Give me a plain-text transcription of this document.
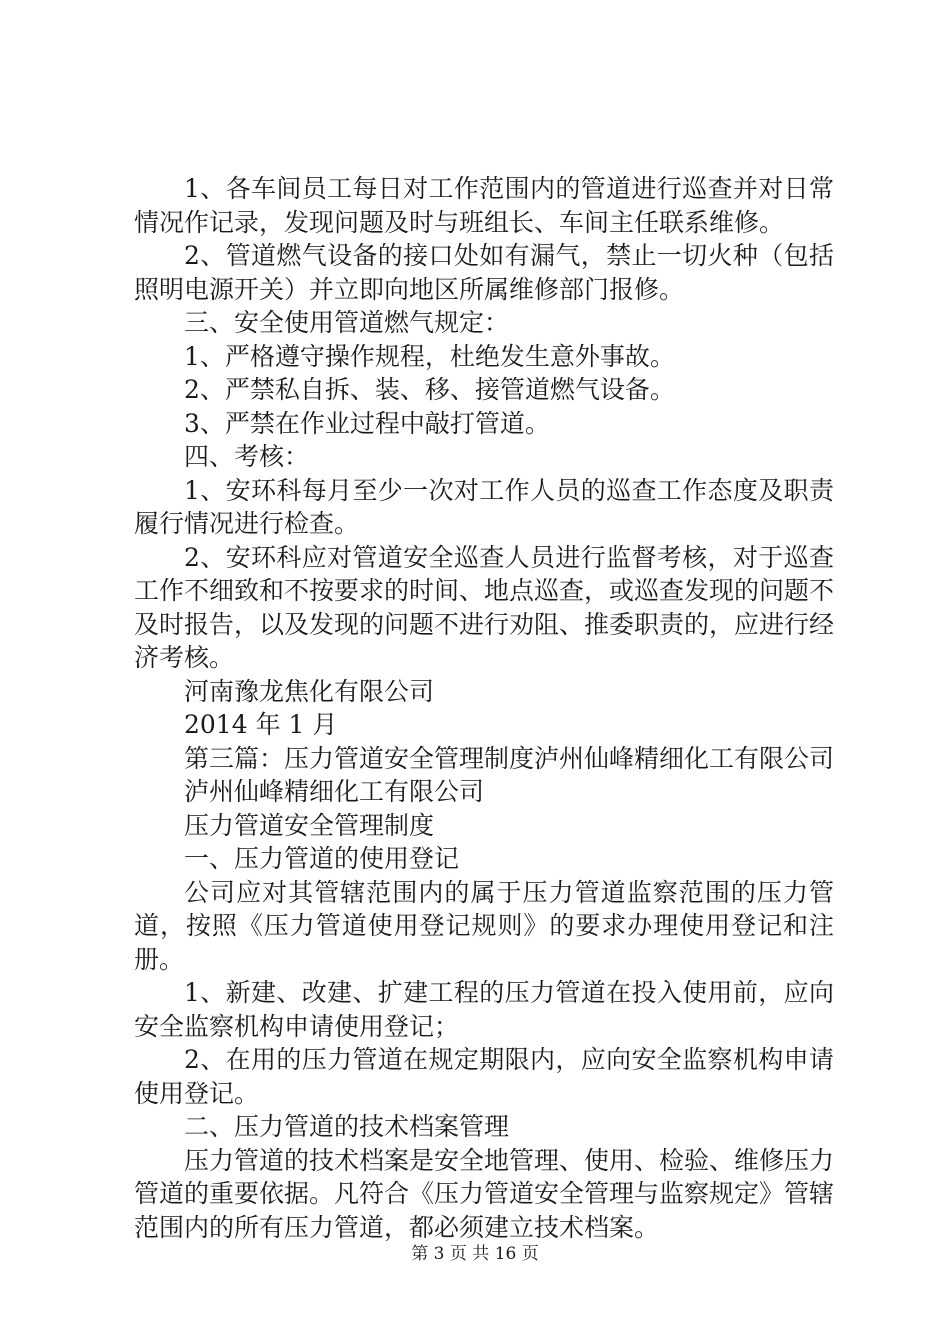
1、各车间员工每日对工作范围内的管道进行巡查并对日常情况作记录，发现问题及时与班组长、车间主任联系维修。

2、管道燃气设备的接口处如有漏气，禁止一切火种（包括照明电源开关）并立即向地区所属维修部门报修。

三、安全使用管道燃气规定：

1、严格遵守操作规程，杜绝发生意外事故。

2、严禁私自拆、装、移、接管道燃气设备。

3、严禁在作业过程中敲打管道。

四、考核：

1、安环科每月至少一次对工作人员的巡查工作态度及职责履行情况进行检查。

2、安环科应对管道安全巡查人员进行监督考核，对于巡查工作不细致和不按要求的时间、地点巡查，或巡查发现的问题不及时报告，以及发现的问题不进行劝阻、推委职责的，应进行经济考核。

河南豫龙焦化有限公司

2014 年 1 月

第三篇：压力管道安全管理制度泸州仙峰精细化工有限公司

泸州仙峰精细化工有限公司

压力管道安全管理制度

一、压力管道的使用登记

公司应对其管辖范围内的属于压力管道监察范围的压力管道，按照《压力管道使用登记规则》的要求办理使用登记和注册。

1、新建、改建、扩建工程的压力管道在投入使用前，应向安全监察机构申请使用登记；

2、在用的压力管道在规定期限内，应向安全监察机构申请使用登记。

二、压力管道的技术档案管理

压力管道的技术档案是安全地管理、使用、检验、维修压力管道的重要依据。凡符合《压力管道安全管理与监察规定》管辖范围内的所有压力管道，都必须建立技术档案。

第 3 页 共 16 页
